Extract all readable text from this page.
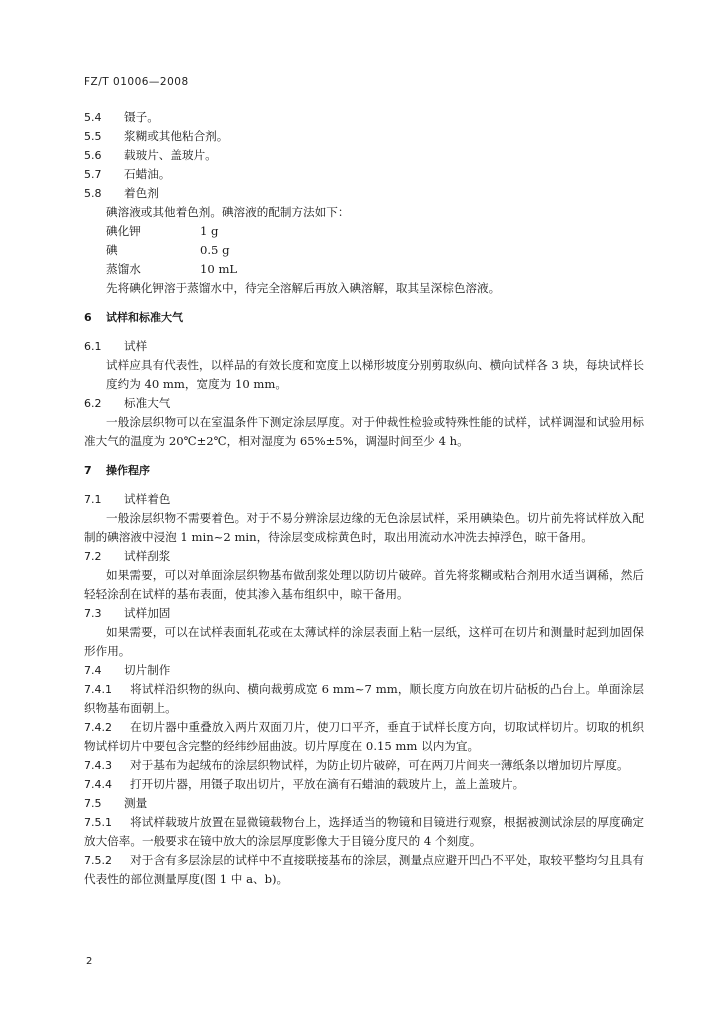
FZ/T 01006—2008
5.4 镊子。
5.5 浆糊或其他粘合剂。
5.6 载玻片、盖玻片。
5.7 石蜡油。
5.8 着色剂
碘溶液或其他着色剂。碘溶液的配制方法如下：
碘化钾	1 g
碘	0.5 g
蒸馏水	10 mL
先将碘化钾溶于蒸馏水中，待完全溶解后再放入碘溶解，取其呈深棕色溶液。
6 试样和标准大气
6.1 试样
试样应具有代表性，以样品的有效长度和宽度上以梯形坡度分别剪取纵向、横向试样各 3 块，每块试样长度约为 40 mm，宽度为 10 mm。
6.2 标准大气
一般涂层织物可以在室温条件下测定涂层厚度。对于仲裁性检验或特殊性能的试样，试样调湿和试验用标准大气的温度为 20℃±2℃，相对湿度为 65%±5%，调湿时间至少 4 h。
7 操作程序
7.1 试样着色
一般涂层织物不需要着色。对于不易分辨涂层边缘的无色涂层试样，采用碘染色。切片前先将试样放入配制的碘溶液中浸泡 1 min~2 min，待涂层变成棕黄色时，取出用流动水冲洗去掉浮色，晾干备用。
7.2 试样刮浆
如果需要，可以对单面涂层织物基布做刮浆处理以防切片破碎。首先将浆糊或粘合剂用水适当调稀，然后轻轻涂刮在试样的基布表面，使其渗入基布组织中，晾干备用。
7.3 试样加固
如果需要，可以在试样表面轧花或在太薄试样的涂层表面上粘一层纸，这样可在切片和测量时起到加固保形作用。
7.4 切片制作
7.4.1 将试样沿织物的纵向、横向裁剪成宽 6 mm~7 mm，顺长度方向放在切片砧板的凸台上。单面涂层织物基布面朝上。
7.4.2 在切片器中重叠放入两片双面刀片，使刀口平齐，垂直于试样长度方向，切取试样切片。切取的机织物试样切片中要包含完整的经纬纱屈曲波。切片厚度在 0.15 mm 以内为宜。
7.4.3 对于基布为起绒布的涂层织物试样，为防止切片破碎，可在两刀片间夹一薄纸条以增加切片厚度。
7.4.4 打开切片器，用镊子取出切片，平放在滴有石蜡油的载玻片上，盖上盖玻片。
7.5 测量
7.5.1 将试样载玻片放置在显微镜载物台上，选择适当的物镜和目镜进行观察，根据被测试涂层的厚度确定放大倍率。一般要求在镜中放大的涂层厚度影像大于目镜分度尺的 4 个刻度。
7.5.2 对于含有多层涂层的试样中不直接联接基布的涂层，测量点应避开凹凸不平处，取较平整均匀且具有代表性的部位测量厚度(图 1 中 a、b)。
2
